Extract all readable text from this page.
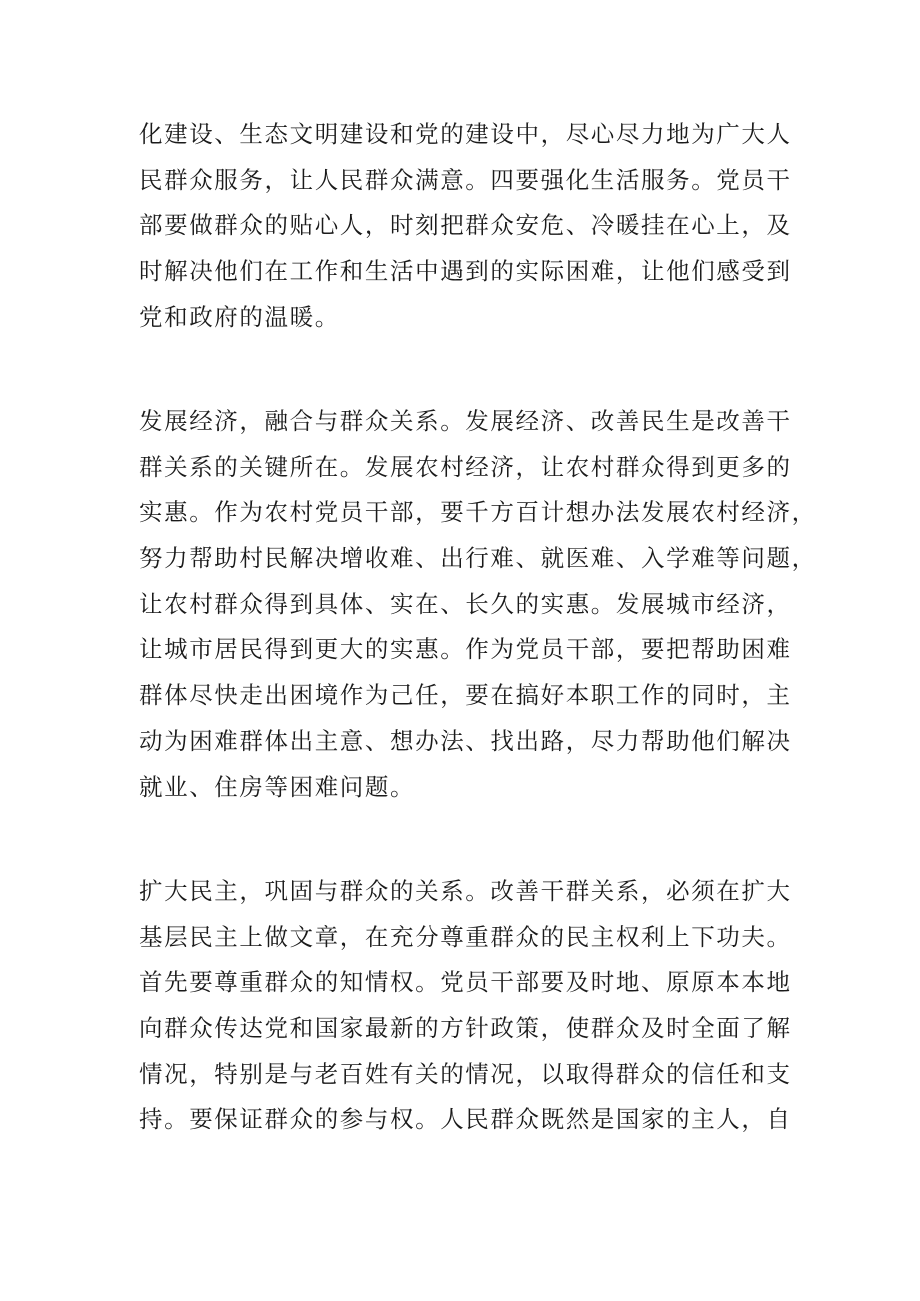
化建设、生态文明建设和党的建设中，尽心尽力地为广大人
民群众服务，让人民群众满意。四要强化生活服务。党员干
部要做群众的贴心人，时刻把群众安危、冷暖挂在心上，及
时解决他们在工作和生活中遇到的实际困难，让他们感受到
党和政府的温暖。
发展经济，融合与群众关系。发展经济、改善民生是改善干
群关系的关键所在。发展农村经济，让农村群众得到更多的
实惠。作为农村党员干部，要千方百计想办法发展农村经济，
努力帮助村民解决增收难、出行难、就医难、入学难等问题，
让农村群众得到具体、实在、长久的实惠。发展城市经济，
让城市居民得到更大的实惠。作为党员干部，要把帮助困难
群体尽快走出困境作为己任，要在搞好本职工作的同时，主
动为困难群体出主意、想办法、找出路，尽力帮助他们解决
就业、住房等困难问题。
扩大民主，巩固与群众的关系。改善干群关系，必须在扩大
基层民主上做文章，在充分尊重群众的民主权利上下功夫。
首先要尊重群众的知情权。党员干部要及时地、原原本本地
向群众传达党和国家最新的方针政策，使群众及时全面了解
情况，特别是与老百姓有关的情况，以取得群众的信任和支
持。要保证群众的参与权。人民群众既然是国家的主人，自
